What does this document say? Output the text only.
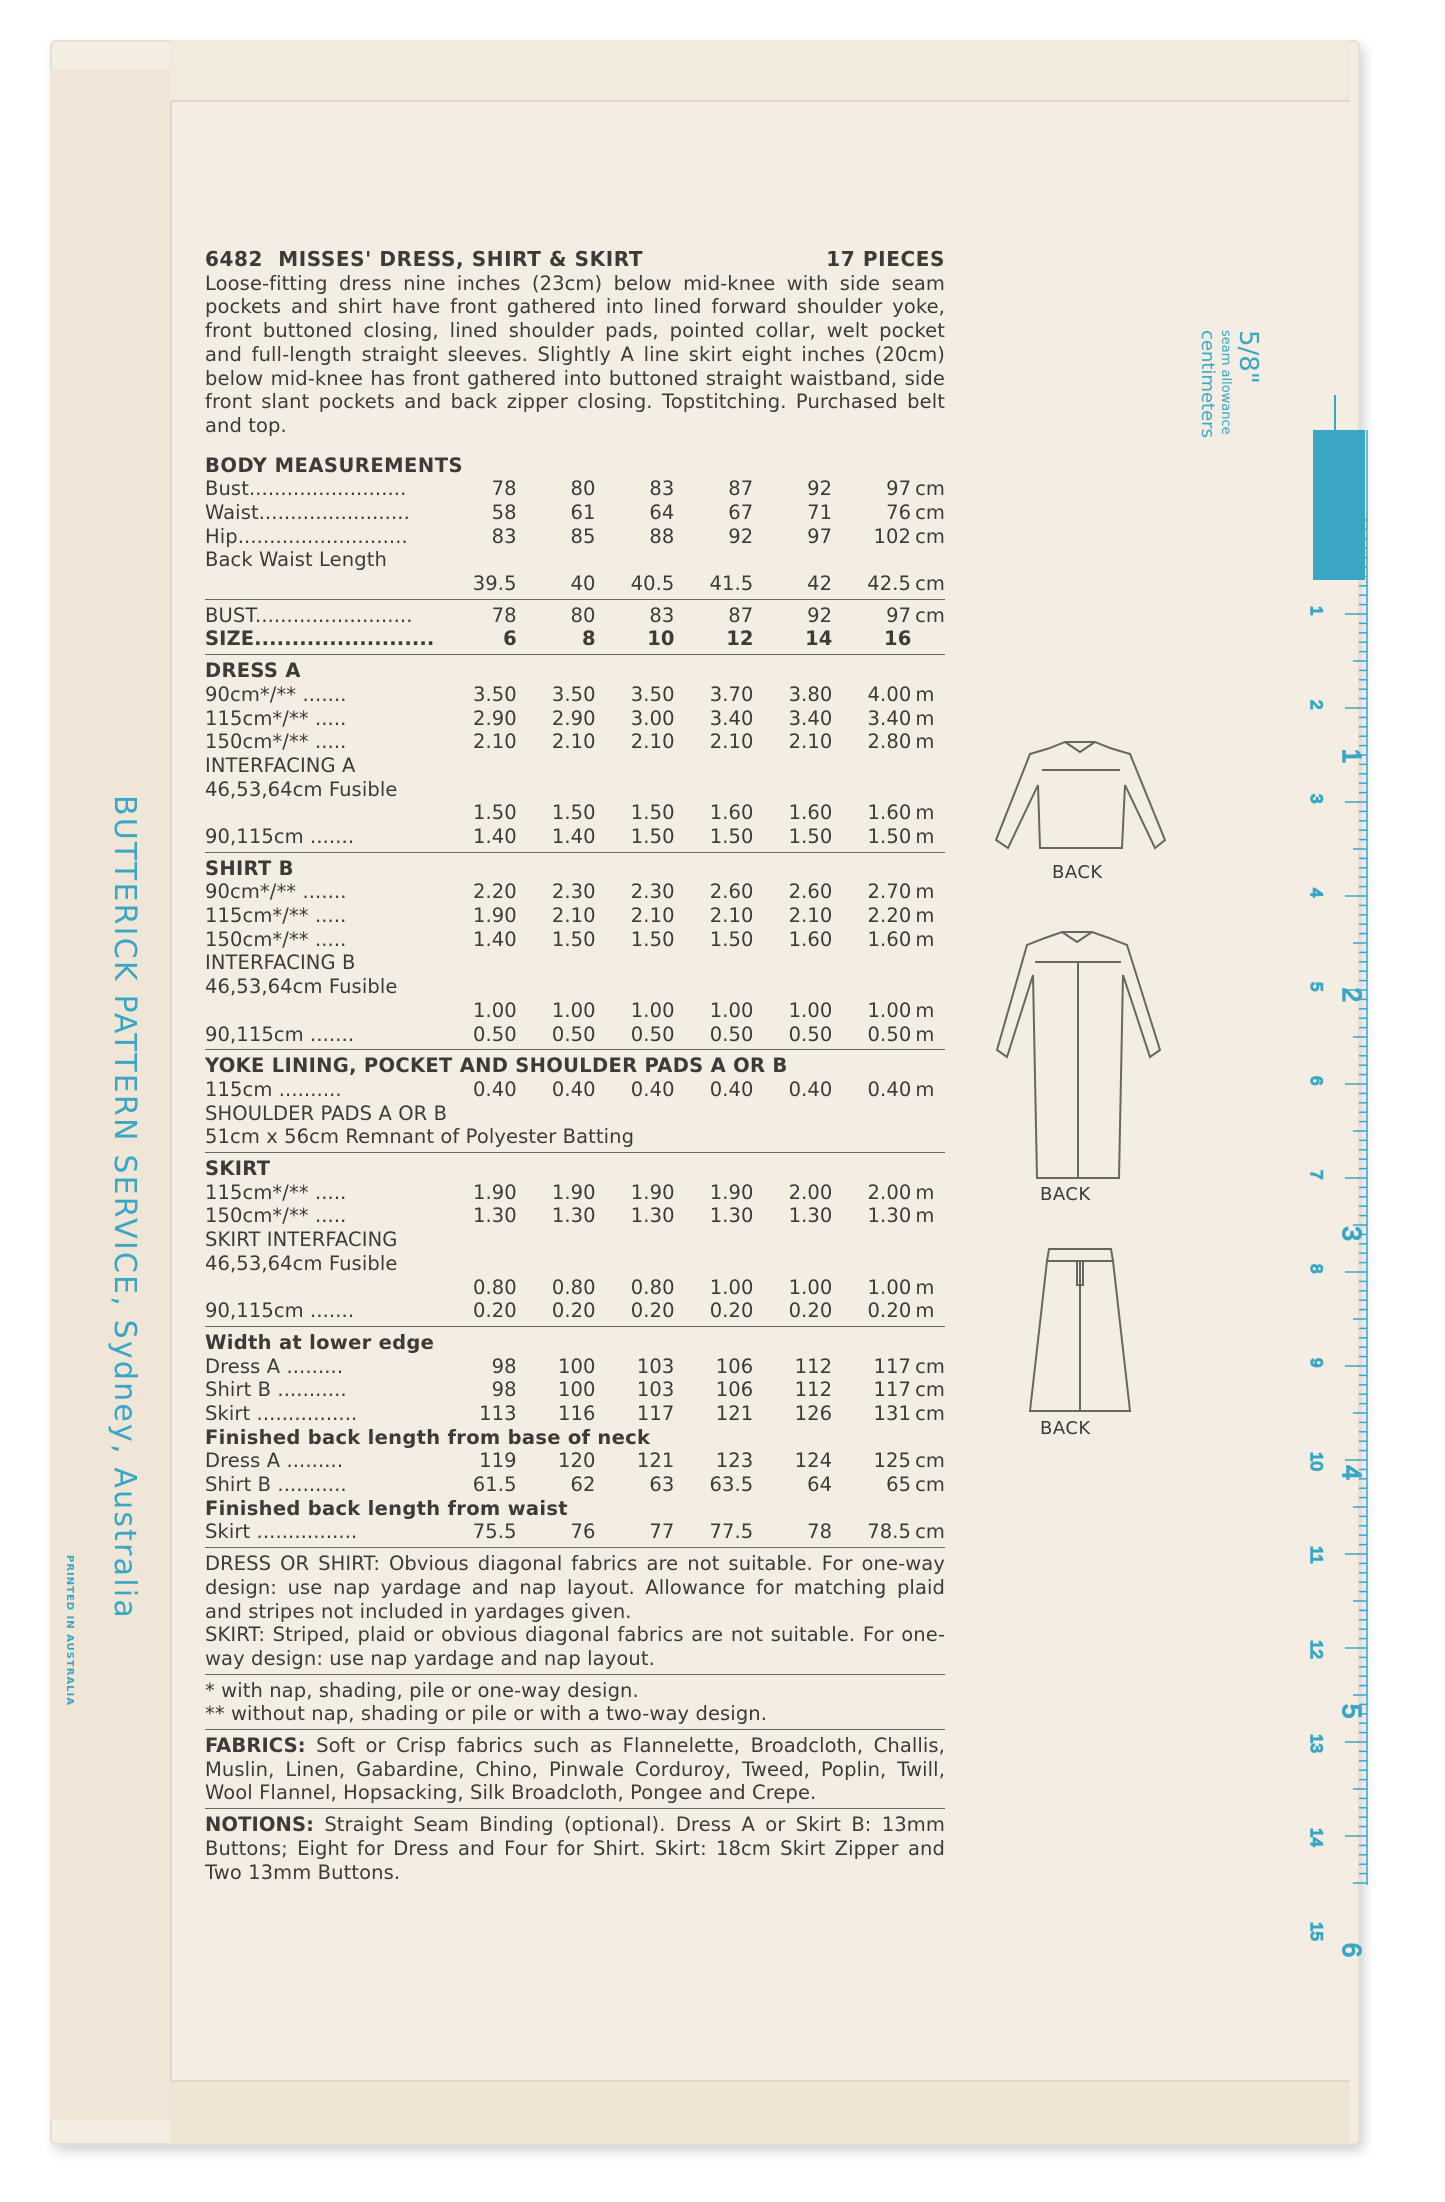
BUTTERICK PATTERN SERVICE, Sydney, Australia
PRINTED IN AUSTRALIA
6482 MISSES' DRESS, SHIRT & SKIRT	17 PIECES
Loose-fitting dress nine inches (23cm) below mid-knee with side seam pockets and shirt have front gathered into lined forward shoulder yoke, front buttoned closing, lined shoulder pads, pointed collar, welt pocket and full-length straight sleeves. Slightly A line skirt eight inches (20cm) below mid-knee has front gathered into buttoned straight waistband, side front slant pockets and back zipper closing. Topstitching. Purchased belt and top.
BODY MEASUREMENTS
Bust.........................	78	80	83	87	92	97 cm
Waist........................	58	61	64	67	71	76 cm
Hip...........................	83	85	88	92	97	102 cm
Back Waist Length
39.5	40	40.5	41.5	42	42.5 cm
BUST.........................	78	80	83	87	92	97 cm
SIZE........................	6	8	10	12	14	16
DRESS A
90cm*/** .......	3.50	3.50	3.50	3.70	3.80	4.00 m
115cm*/** .....	2.90	2.90	3.00	3.40	3.40	3.40 m
150cm*/** .....	2.10	2.10	2.10	2.10	2.10	2.80 m
INTERFACING A
46,53,64cm Fusible
1.50	1.50	1.50	1.60	1.60	1.60 m
90,115cm .......	1.40	1.40	1.50	1.50	1.50	1.50 m
SHIRT B
90cm*/** .......	2.20	2.30	2.30	2.60	2.60	2.70 m
115cm*/** .....	1.90	2.10	2.10	2.10	2.10	2.20 m
150cm*/** .....	1.40	1.50	1.50	1.50	1.60	1.60 m
INTERFACING B
46,53,64cm Fusible
1.00	1.00	1.00	1.00	1.00	1.00 m
90,115cm .......	0.50	0.50	0.50	0.50	0.50	0.50 m
YOKE LINING, POCKET AND SHOULDER PADS A OR B
115cm ..........	0.40	0.40	0.40	0.40	0.40	0.40 m
SHOULDER PADS A OR B
51cm x 56cm Remnant of Polyester Batting
SKIRT
115cm*/** .....	1.90	1.90	1.90	1.90	2.00	2.00 m
150cm*/** .....	1.30	1.30	1.30	1.30	1.30	1.30 m
SKIRT INTERFACING
46,53,64cm Fusible
0.80	0.80	0.80	1.00	1.00	1.00 m
90,115cm .......	0.20	0.20	0.20	0.20	0.20	0.20 m
Width at lower edge
Dress A .........	98	100	103	106	112	117 cm
Shirt B ...........	98	100	103	106	112	117 cm
Skirt ................	113	116	117	121	126	131 cm
Finished back length from base of neck
Dress A .........	119	120	121	123	124	125 cm
Shirt B ...........	61.5	62	63	63.5	64	65 cm
Finished back length from waist
Skirt ................	75.5	76	77	77.5	78	78.5 cm
DRESS OR SHIRT: Obvious diagonal fabrics are not suitable. For one-way design: use nap yardage and nap layout. Allowance for matching plaid and stripes not included in yardages given.
SKIRT: Striped, plaid or obvious diagonal fabrics are not suitable. For one-way design: use nap yardage and nap layout.
* with nap, shading, pile or one-way design.
** without nap, shading or pile or with a two-way design.
FABRICS: Soft or Crisp fabrics such as Flannelette, Broadcloth, Challis, Muslin, Linen, Gabardine, Chino, Pinwale Corduroy, Tweed, Poplin, Twill, Wool Flannel, Hopsacking, Silk Broadcloth, Pongee and Crepe.
NOTIONS: Straight Seam Binding (optional). Dress A or Skirt B: 13mm Buttons; Eight for Dress and Four for Shirt. Skirt: 18cm Skirt Zipper and Two 13mm Buttons.
BACK
BACK
BACK
5/8"
seam allowance
centimeters
1
2
3
4
5
6
7
8
9
10
11
12
13
14
15
1
2
3
4
5
6
